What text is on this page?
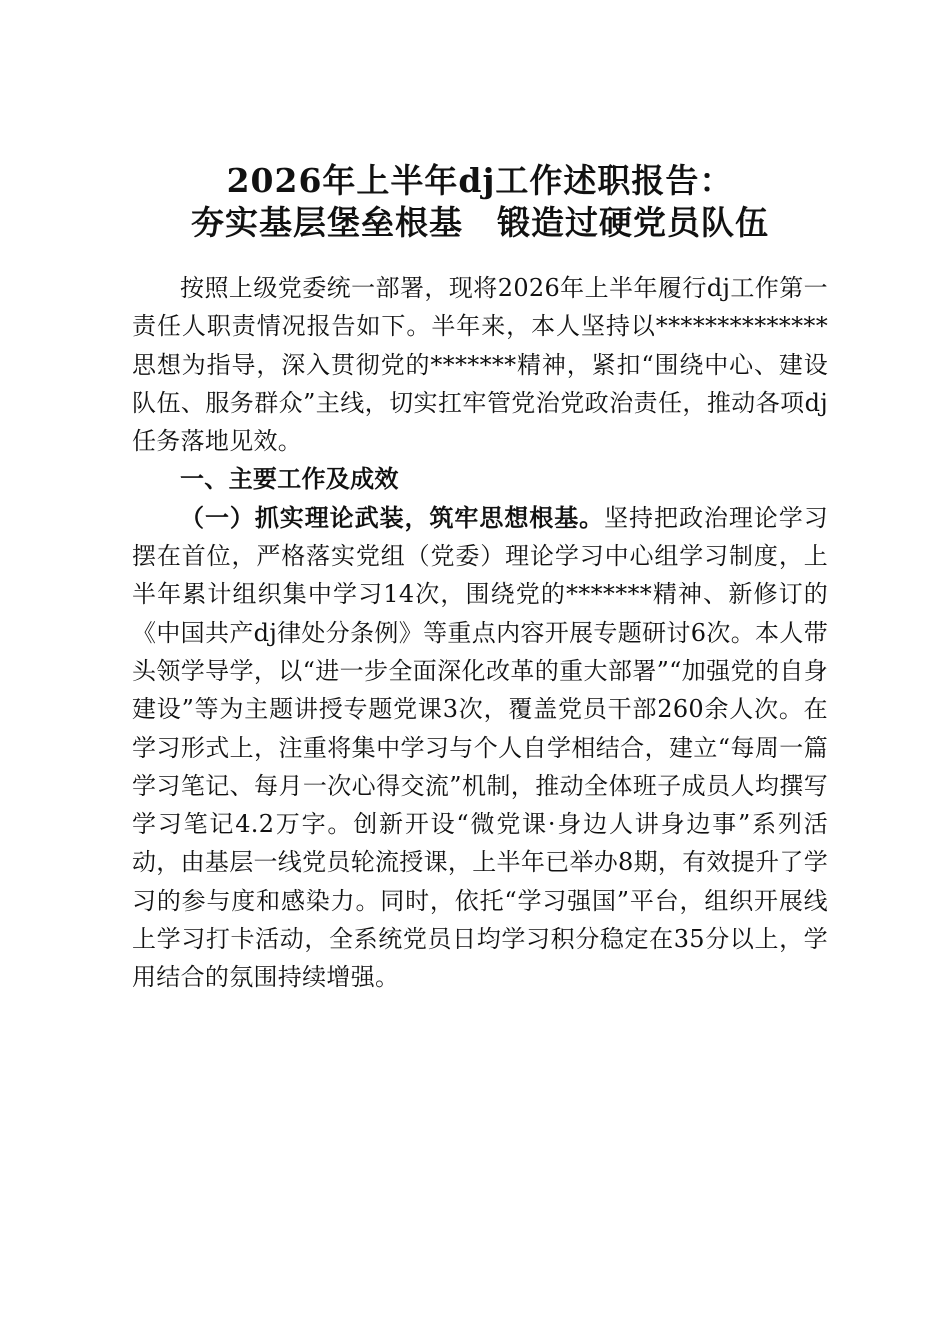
2026年上半年dj工作述职报告：
夯实基层堡垒根基　锻造过硬党员队伍

按照上级党委统一部署，现将2026年上半年履行dj工作第一责任人职责情况报告如下。半年来，本人坚持以**************思想为指导，深入贯彻党的*******精神，紧扣“围绕中心、建设队伍、服务群众”主线，切实扛牢管党治党政治责任，推动各项dj任务落地见效。

一、主要工作及成效

（一）抓实理论武装，筑牢思想根基。坚持把政治理论学习摆在首位，严格落实党组（党委）理论学习中心组学习制度，上半年累计组织集中学习14次，围绕党的*******精神、新修订的《中国共产dj律处分条例》等重点内容开展专题研讨6次。本人带头领学导学，以“进一步全面深化改革的重大部署”“加强党的自身建设”等为主题讲授专题党课3次，覆盖党员干部260余人次。在学习形式上，注重将集中学习与个人自学相结合，建立“每周一篇学习笔记、每月一次心得交流”机制，推动全体班子成员人均撰写学习笔记4.2万字。创新开设“微党课·身边人讲身边事”系列活动，由基层一线党员轮流授课，上半年已举办8期，有效提升了学习的参与度和感染力。同时，依托“学习强国”平台，组织开展线上学习打卡活动，全系统党员日均学习积分稳定在35分以上，学用结合的氛围持续增强。
